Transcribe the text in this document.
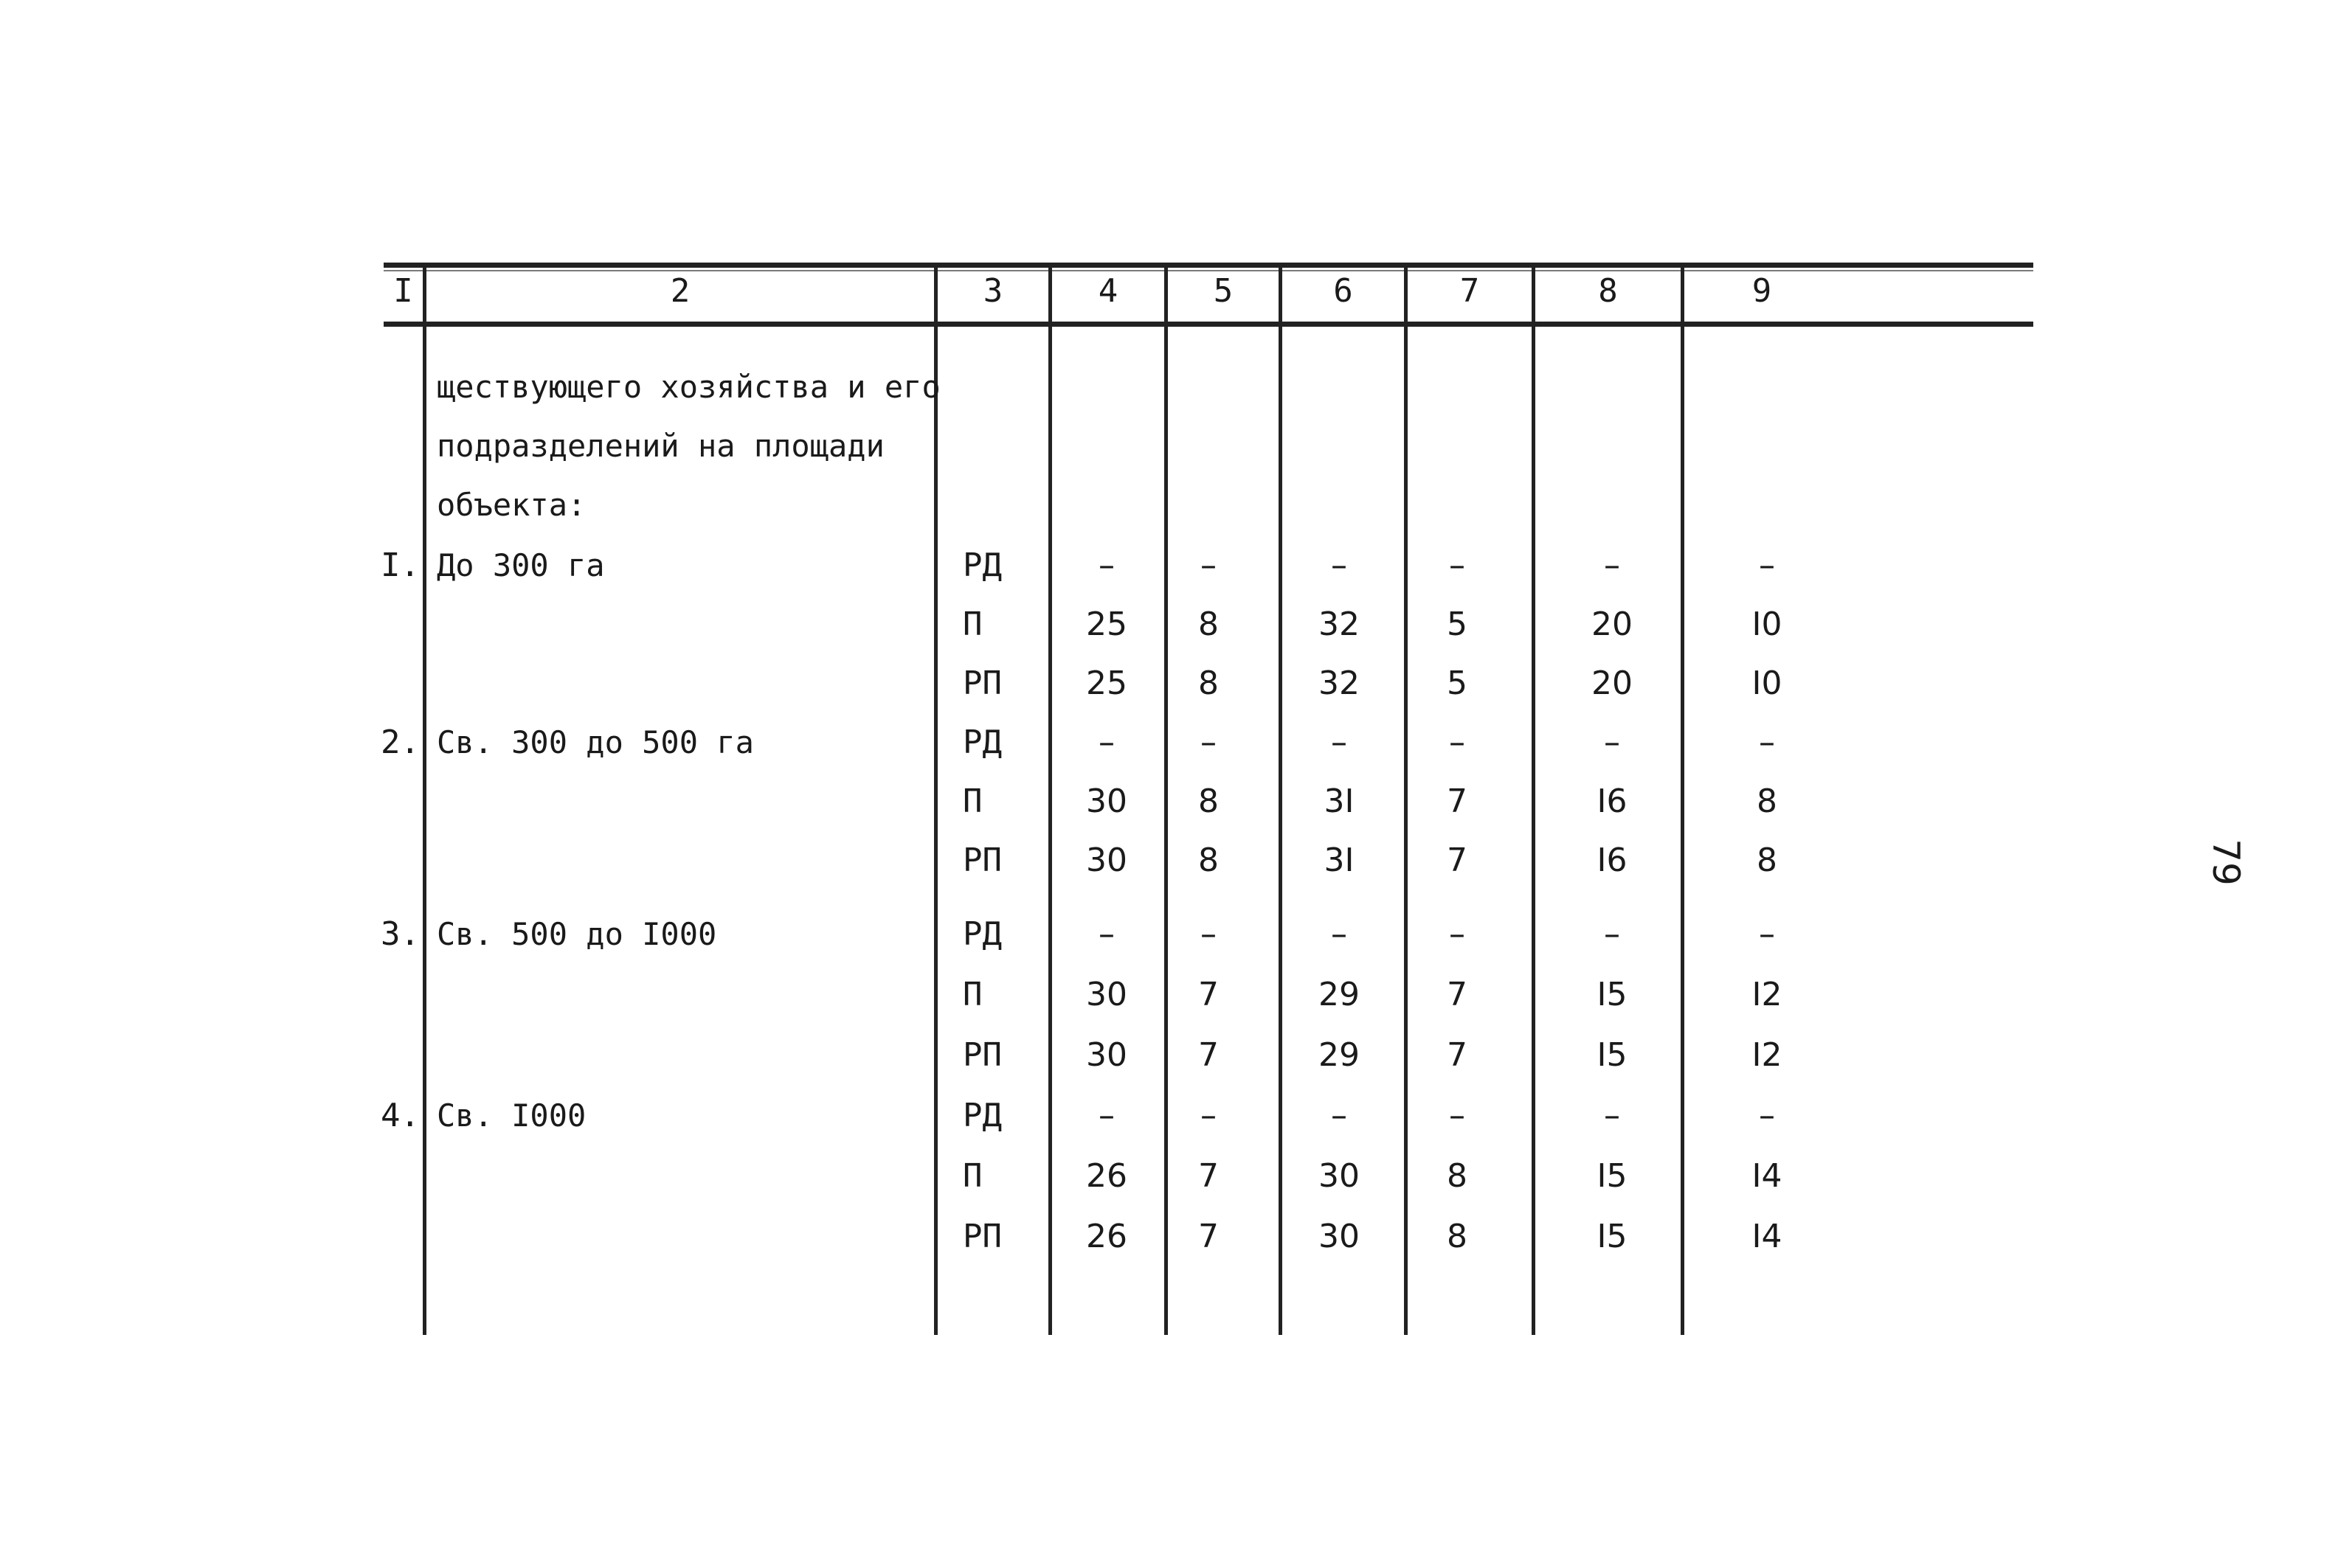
I	2	3	4	5	6	7	8	9
ществующего хозяйства и его
подразделений на площади
объекта:
I. До 300 га	РД	–	–	–	–	–	–
П	25	8	32	5	20	I0
РП	25	8	32	5	20	I0
2. Св. 300 до 500 га	РД	–	–	–	–	–	–
П	30	8	3I	7	I6	8
РП	30	8	3I	7	I6	8
3. Св. 500 до I000	РД	–	–	–	–	–	–
П	30	7	29	7	I5	I2
РП	30	7	29	7	I5	I2
4. Св. I000	РД	–	–	–	–	–	–
П	26	7	30	8	I5	I4
РП	26	7	30	8	I5	I4
79
